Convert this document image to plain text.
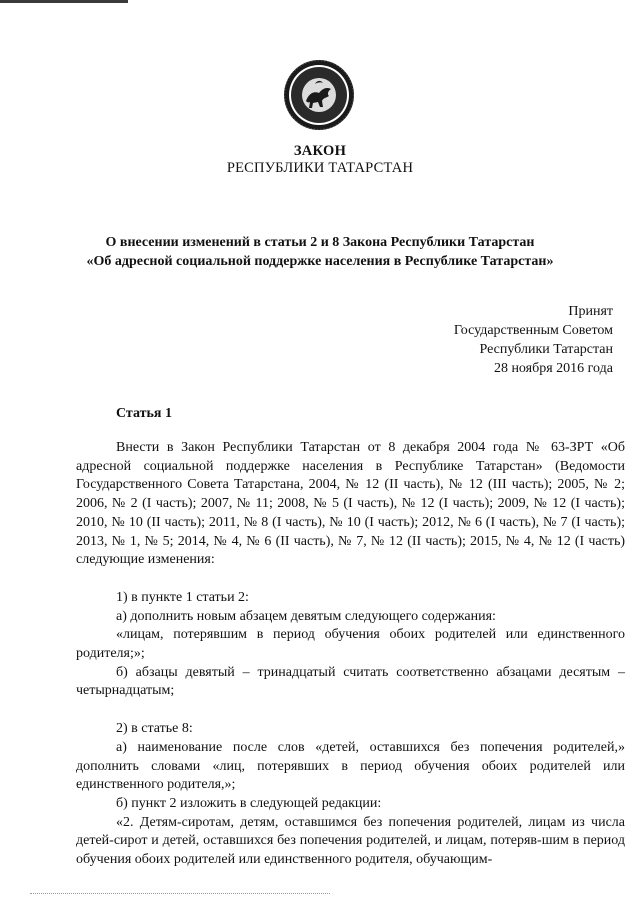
ЗАКОН
РЕСПУБЛИКИ ТАТАРСТАН
О внесении изменений в статьи 2 и 8 Закона Республики Татарстан
«Об адресной социальной поддержке населения в Республике Татарстан»
Принят
Государственным Советом
Республики Татарстан
28 ноября 2016 года
Статья 1

Внести в Закон Республики Татарстан от 8 декабря 2004 года № 63-ЗРТ «Об адресной социальной поддержке населения в Республике Татарстан» (Ведомости Государственного Совета Татарстана, 2004, № 12 (II часть), № 12 (III часть); 2005, № 2; 2006, № 2 (I часть); 2007, № 11; 2008, № 5 (I часть), № 12 (I часть); 2009, № 12 (I часть); 2010, № 10 (II часть); 2011, № 8 (I часть), № 10 (I часть); 2012, № 6 (I часть), № 7 (I часть); 2013, № 1, № 5; 2014, № 4, № 6 (II часть), № 7, № 12 (II часть); 2015, № 4, № 12 (I часть) следующие изменения:

1) в пункте 1 статьи 2:

а) дополнить новым абзацем девятым следующего содержания:

«лицам, потерявшим в период обучения обоих родителей или единственного родителя;»;

б) абзацы девятый – тринадцатый считать соответственно абзацами десятым – четырнадцатым;

2) в статье 8:

а) наименование после слов «детей, оставшихся без попечения родителей,» дополнить словами «лиц, потерявших в период обучения обоих родителей или единственного родителя,»;

б) пункт 2 изложить в следующей редакции:

«2. Детям-сиротам, детям, оставшимся без попечения родителей, лицам из числа детей-сирот и детей, оставшихся без попечения родителей, и лицам, потеряв-шим в период обучения обоих родителей или единственного родителя, обучающим-
